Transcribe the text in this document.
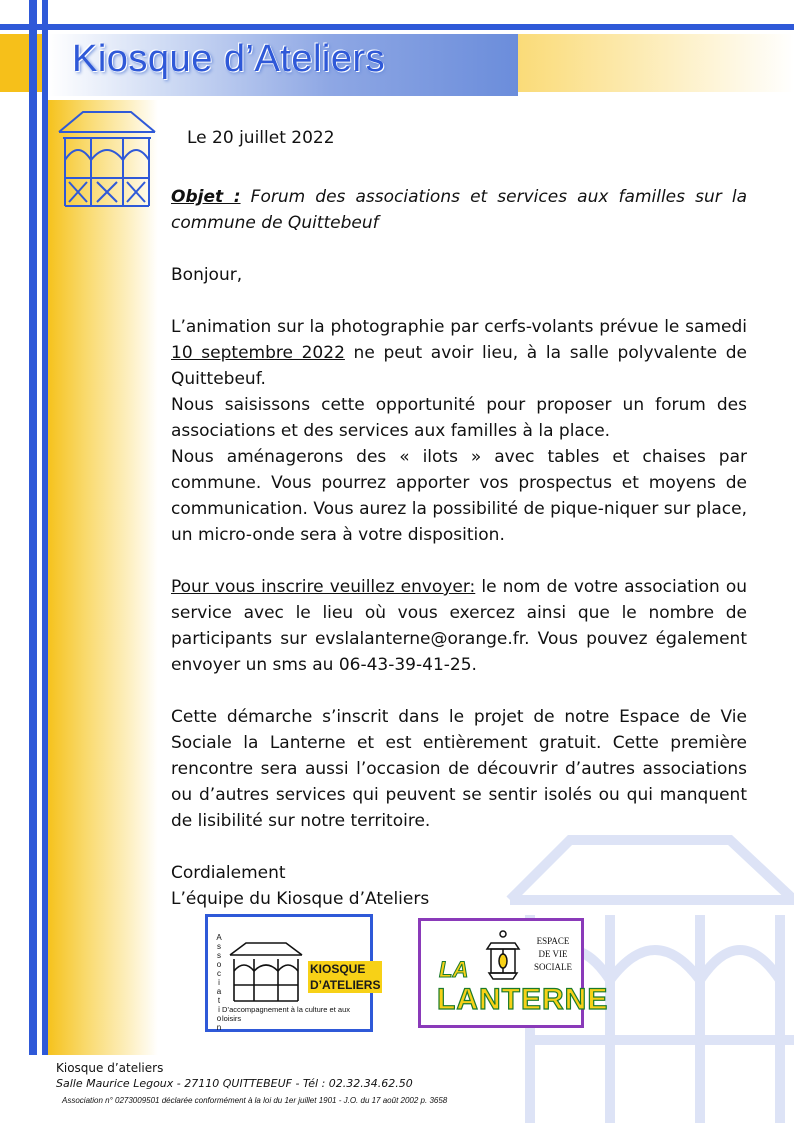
Kiosque d’Ateliers
Le 20 juillet 2022

Objet : Forum des associations et services aux familles sur la commune de Quittebeuf

Bonjour,

L’animation sur la photographie par cerfs-volants prévue le samedi 10 septembre 2022 ne peut avoir lieu, à la salle polyvalente de Quittebeuf.

Nous saisissons cette opportunité pour proposer un forum des associations et des services aux familles à la place.

Nous aménagerons des « ilots » avec tables et chaises par commune. Vous pourrez apporter vos prospectus et moyens de communication. Vous aurez la possibilité de pique-niquer sur place, un micro-onde sera à votre disposition.

Pour vous inscrire veuillez envoyer: le nom de votre association ou service avec le lieu où vous exercez ainsi que le nombre de participants sur evslalanterne@orange.fr. Vous pouvez également envoyer un sms au 06-43-39-41-25.

Cette démarche s’inscrit dans le projet de notre Espace de Vie Sociale la Lanterne et est entièrement gratuit. Cette première rencontre sera aussi l’occasion de découvrir d’autres associations ou d’autres services qui peuvent se sentir isolés ou qui manquent de lisibilité sur notre territoire.

Cordialement

L’équipe du Kiosque d’Ateliers

A
s
s
o
c
i
a
t
i
o
n
KIOSQUE
D’ATELIERS
D’accompagnement à la culture et aux loisirs
ESPACE
DE VIE SOCIALE
LA
LANTERNE
Kiosque d’ateliers
Salle Maurice Legoux - 27110 QUITTEBEUF - Tél : 02.32.34.62.50
Association n° 0273009501 déclarée conformément à la loi du 1er juillet 1901 - J.O. du 17 août 2002 p. 3658
